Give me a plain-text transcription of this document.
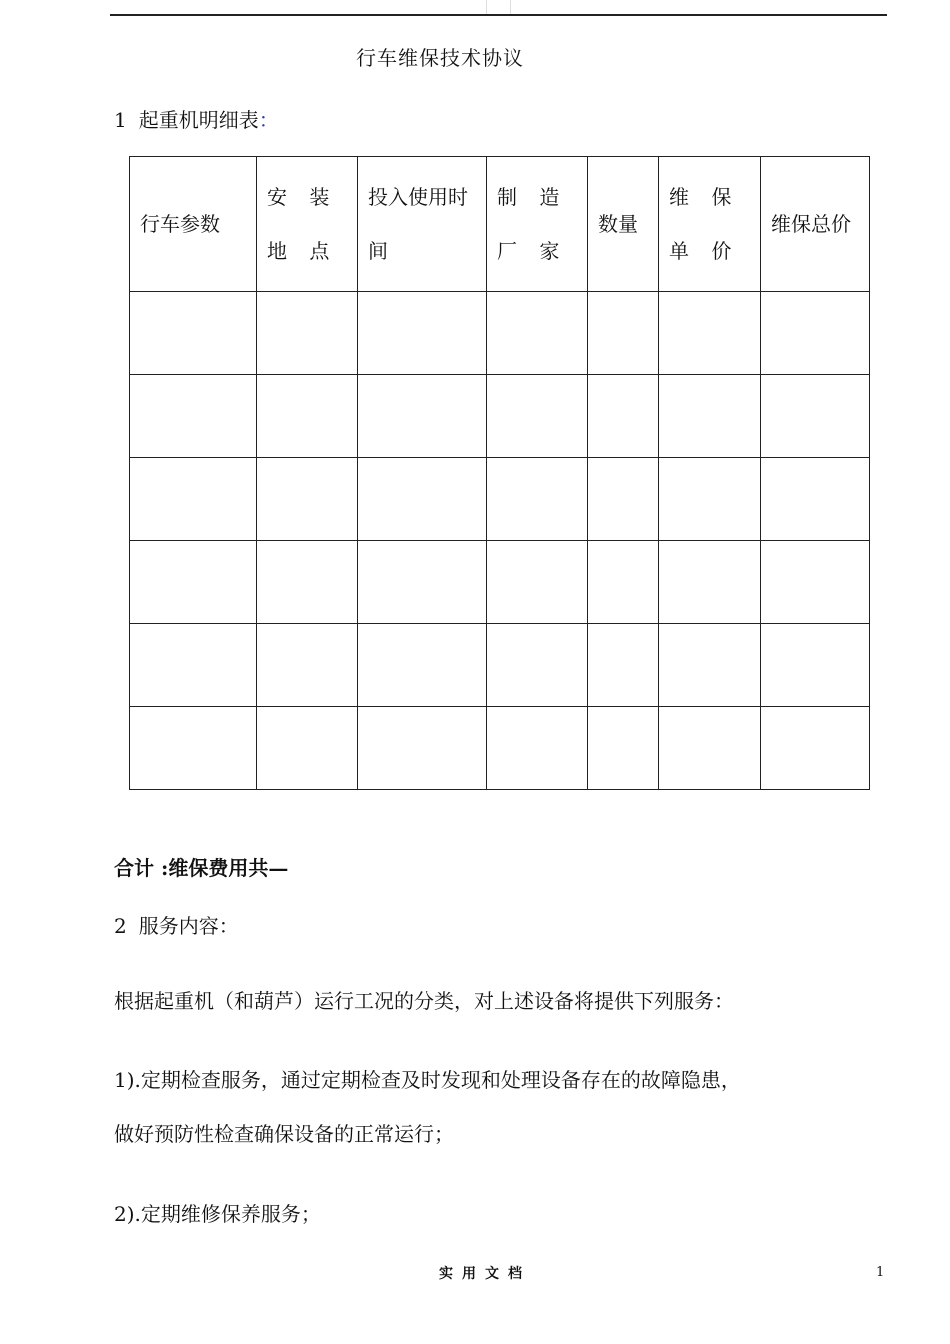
行车维保技术协议
1 起重机明细表：
行车参数	安 装 地 点	投入使用时间	制 造 厂 家	数量	维 保 单 价	维保总价

合计 :维保费用共—
2 服务内容：
根据起重机（和葫芦）运行工况的分类，对上述设备将提供下列服务：
1).定期检查服务，通过定期检查及时发现和处理设备存在的故障隐患，
做好预防性检查确保设备的正常运行；
2).定期维修保养服务；
实用文档	1
